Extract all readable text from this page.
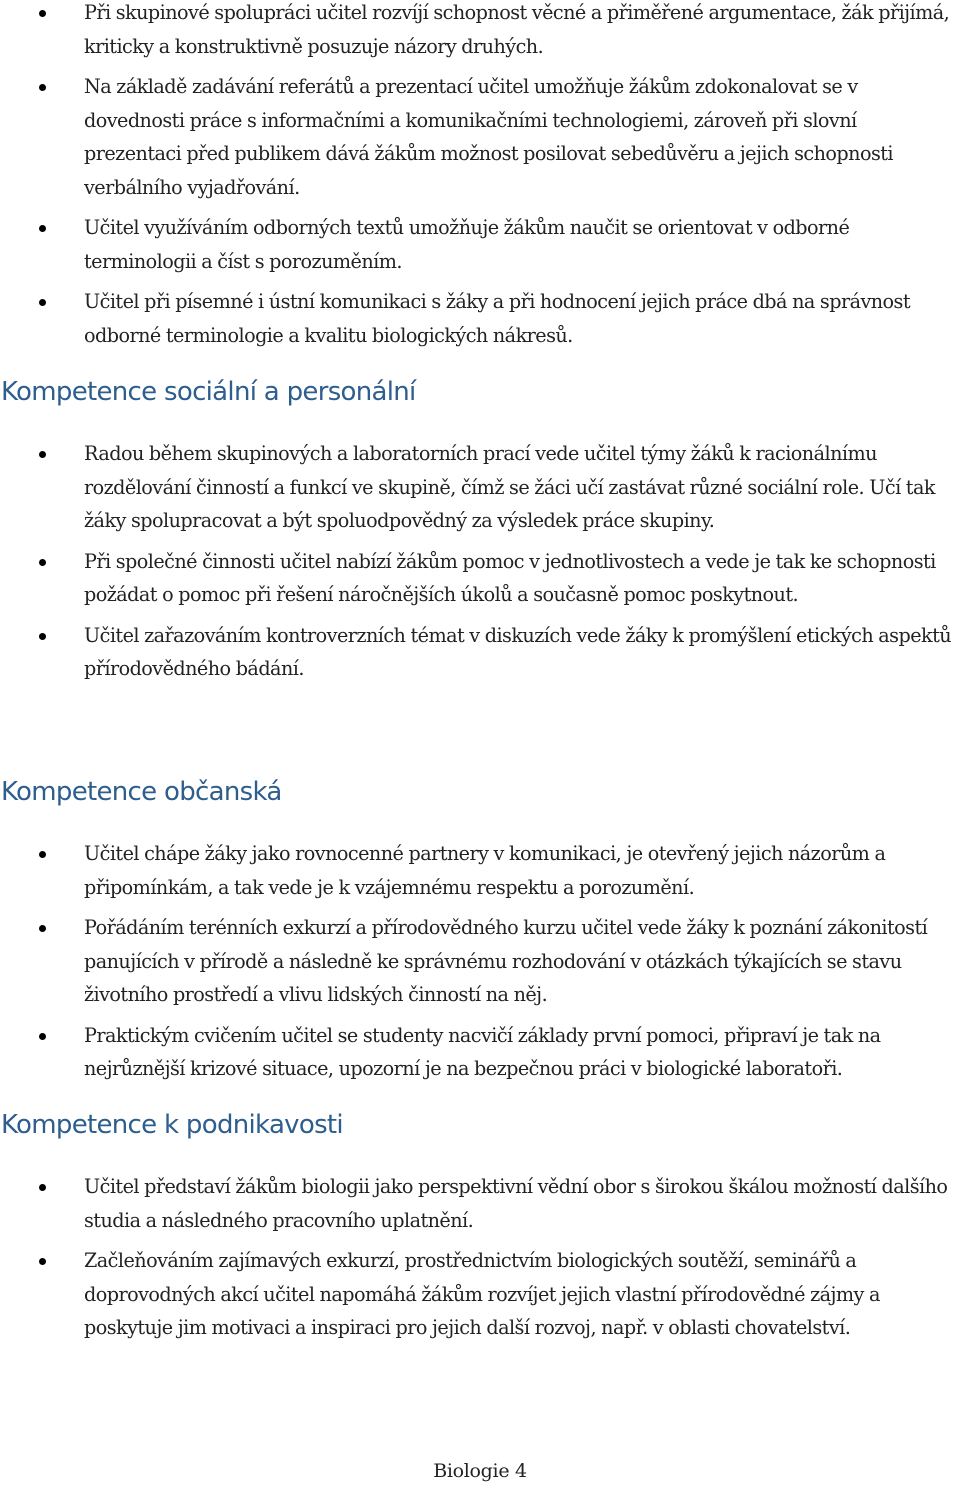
Při skupinové spolupráci učitel rozvíjí schopnost věcné a přiměřené argumentace, žák přijímá, kriticky a konstruktivně posuzuje názory druhých.
Na základě zadávání referátů a prezentací učitel umožňuje žákům zdokonalovat se v dovednosti práce s informačními a komunikačními technologiemi, zároveň při slovní prezentaci před publikem dává žákům možnost posilovat sebedůvěru a jejich schopnosti verbálního vyjadřování.
Učitel využíváním odborných textů umožňuje žákům naučit se orientovat v odborné terminologii a číst s porozuměním.
Učitel při písemné i ústní komunikaci s žáky a při hodnocení jejich práce dbá na správnost odborné terminologie a kvalitu biologických nákresů.
Kompetence sociální a personální
Radou během skupinových a laboratorních prací vede učitel týmy žáků k racionálnímu rozdělování činností a funkcí ve skupině, čímž se žáci učí zastávat různé sociální role. Učí tak žáky spolupracovat a být spoluodpovědný za výsledek práce skupiny.
Při společné činnosti učitel nabízí žákům pomoc v jednotlivostech a vede je tak ke schopnosti požádat o pomoc při řešení náročnějších úkolů a současně pomoc poskytnout.
Učitel zařazováním kontroverzních témat v diskuzích vede žáky k promýšlení etických aspektů přírodovědného bádání.
Kompetence občanská
Učitel chápe žáky jako rovnocenné partnery v komunikaci, je otevřený jejich názorům a připomínkám, a tak vede je k vzájemnému respektu a porozumění.
Pořádáním terénních exkurzí a přírodovědného kurzu učitel vede žáky k poznání zákonitostí panujících v přírodě a následně ke správnému rozhodování v otázkách týkajících se stavu životního prostředí a vlivu lidských činností na něj.
Praktickým cvičením učitel se studenty nacvičí základy první pomoci, připraví je tak na nejrůznější krizové situace, upozorní je na bezpečnou práci v biologické laboratoři.
Kompetence k podnikavosti
Učitel představí žákům biologii jako perspektivní vědní obor s širokou škálou možností dalšího studia a následného pracovního uplatnění.
Začleňováním zajímavých exkurzí, prostřednictvím biologických soutěží, seminářů a doprovodných akcí učitel napomáhá žákům rozvíjet jejich vlastní přírodovědné zájmy a poskytuje jim motivaci a inspiraci pro jejich další rozvoj, např. v oblasti chovatelství.
Biologie 4
